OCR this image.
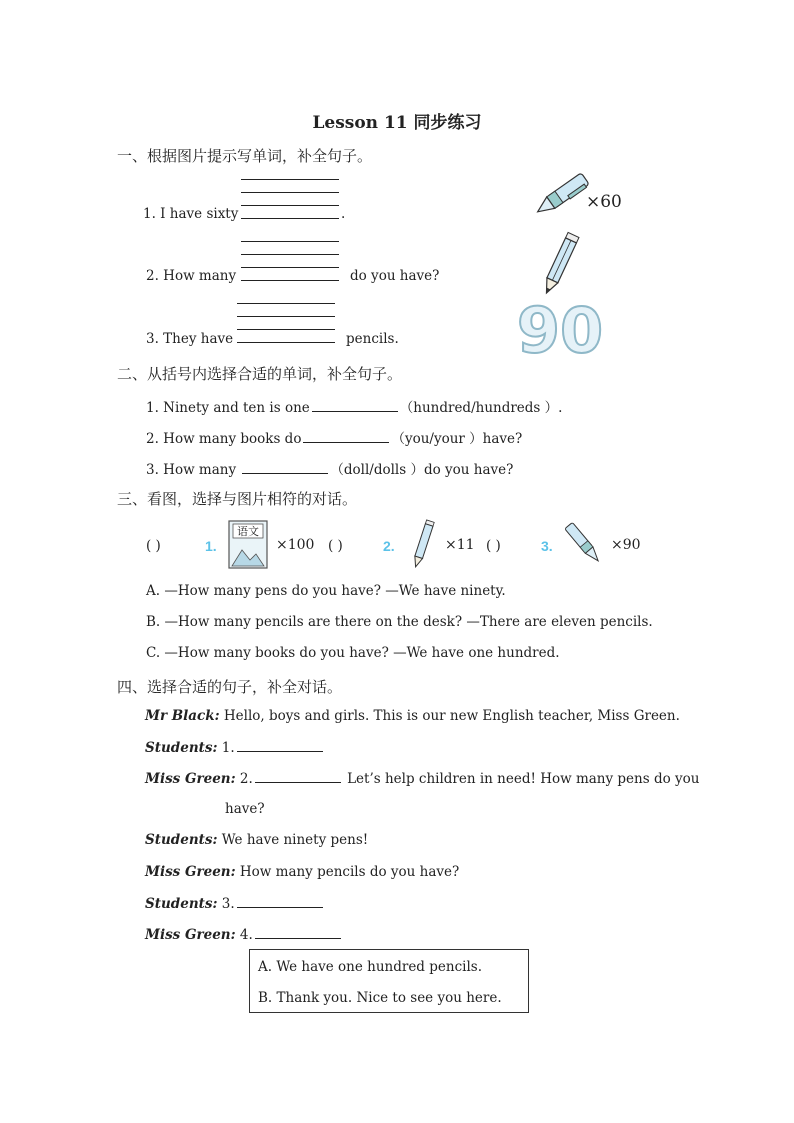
Lesson 11 同步练习
一、根据图片提示写单词，补全句子。
1. I have sixty	.
2. How many	do you have?
3. They have	pencils.
×60
90
二、从括号内选择合适的单词，补全句子。
1. Ninety and ten is one	（hundred/hundreds ）.
2. How many books do	（you/your ）have?
3. How many	（doll/dolls ）do you have?
三、看图，选择与图片相符的对话。
( )	1.
语文
×100 ( )	2.	×11 ( )	3.	×90
A. —How many pens do you have? —We have ninety.
B. —How many pencils are there on the desk? —There are eleven pencils.
C. —How many books do you have? —We have one hundred.
四、选择合适的句子，补全对话。
Mr Black: Hello, boys and girls. This is our new English teacher, Miss Green.
Students: 1.
Miss Green: 2.	Let’s help children in need! How many pens do you
have?
Students: We have ninety pens!
Miss Green: How many pencils do you have?
Students: 3.
Miss Green: 4.
A. We have one hundred pencils.
B. Thank you. Nice to see you here.
